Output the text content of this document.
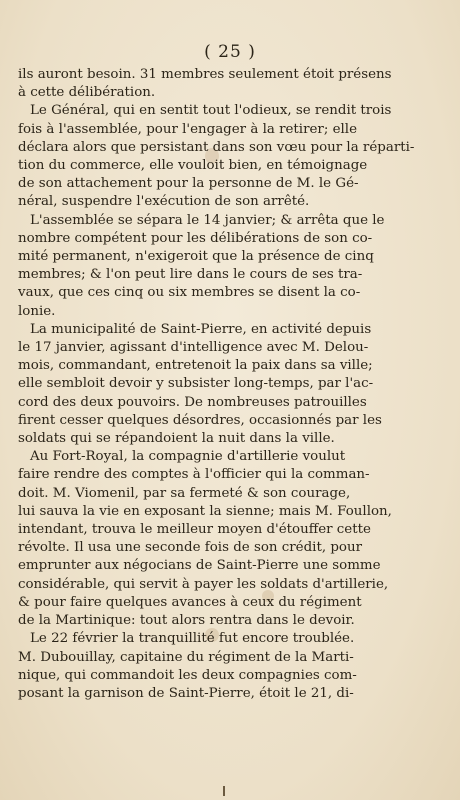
( 25 )
ils auront besoin. 31 membres seulement étoit présens
à cette délibération.
Le Général, qui en sentit tout l'odieux, se rendit trois
fois à l'assemblée, pour l'engager à la retirer; elle
déclara alors que persistant dans son vœu pour la réparti-
tion du commerce, elle vouloit bien, en témoignage
de son attachement pour la personne de M. le Gé-
néral, suspendre l'exécution de son arrêté.
L'assemblée se sépara le 14 janvier; & arrêta que le
nombre compétent pour les délibérations de son co-
mité permanent, n'exigeroit que la présence de cinq
membres; & l'on peut lire dans le cours de ses tra-
vaux, que ces cinq ou six membres se disent la co-
lonie.
La municipalité de Saint-Pierre, en activité depuis
le 17 janvier, agissant d'intelligence avec M. Delou-
mois, commandant, entretenoit la paix dans sa ville;
elle sembloit devoir y subsister long-temps, par l'ac-
cord des deux pouvoirs. De nombreuses patrouilles
firent cesser quelques désordres, occasionnés par les
soldats qui se répandoient la nuit dans la ville.
Au Fort-Royal, la compagnie d'artillerie voulut
faire rendre des comptes à l'officier qui la comman-
doit. M. Viomenil, par sa fermeté & son courage,
lui sauva la vie en exposant la sienne; mais M. Foullon,
intendant, trouva le meilleur moyen d'étouffer cette
révolte. Il usa une seconde fois de son crédit, pour
emprunter aux négocians de Saint-Pierre une somme
considérable, qui servit à payer les soldats d'artillerie,
& pour faire quelques avances à ceux du régiment
de la Martinique: tout alors rentra dans le devoir.
Le 22 février la tranquillité fut encore troublée.
M. Dubouillay, capitaine du régiment de la Marti-
nique, qui commandoit les deux compagnies com-
posant la garnison de Saint-Pierre, étoit le 21, di-
